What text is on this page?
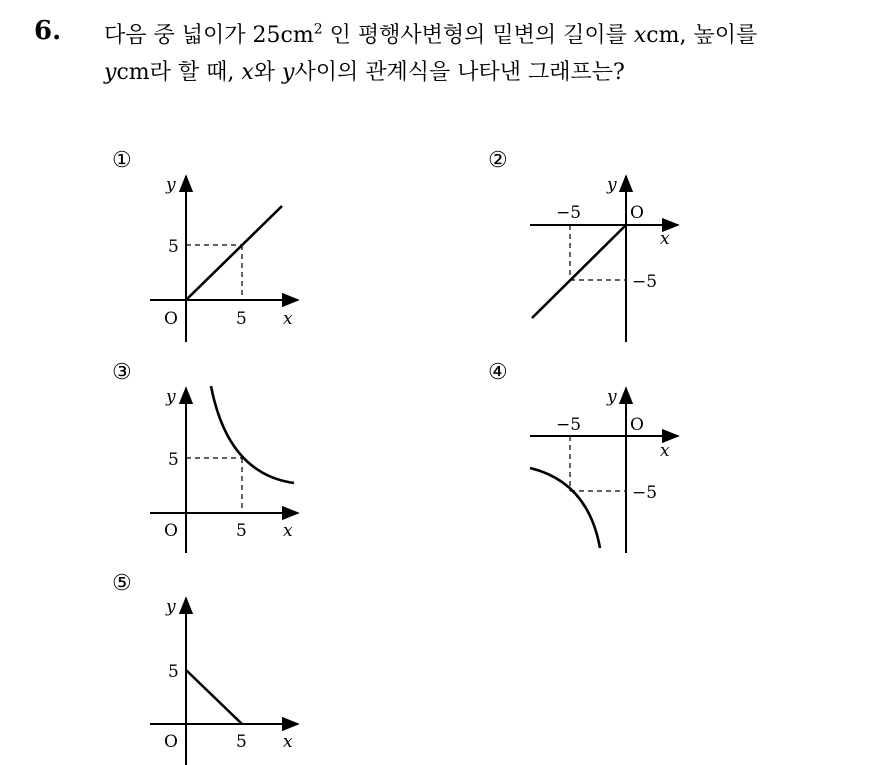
6. 다음 중 넓이가 $25cm^2$ 인 평행사변형의 밑변의 길이를 xcm, 높이를
ycm라 할 때, x와 y사이의 관계식을 나타낸 그래프는?
①	②
③	④
⑤
y
O
5
5 x
y
O
−5
x
−5
y
O
5
5 x
y
O
−5
x
−5
y
O
5
5 x
